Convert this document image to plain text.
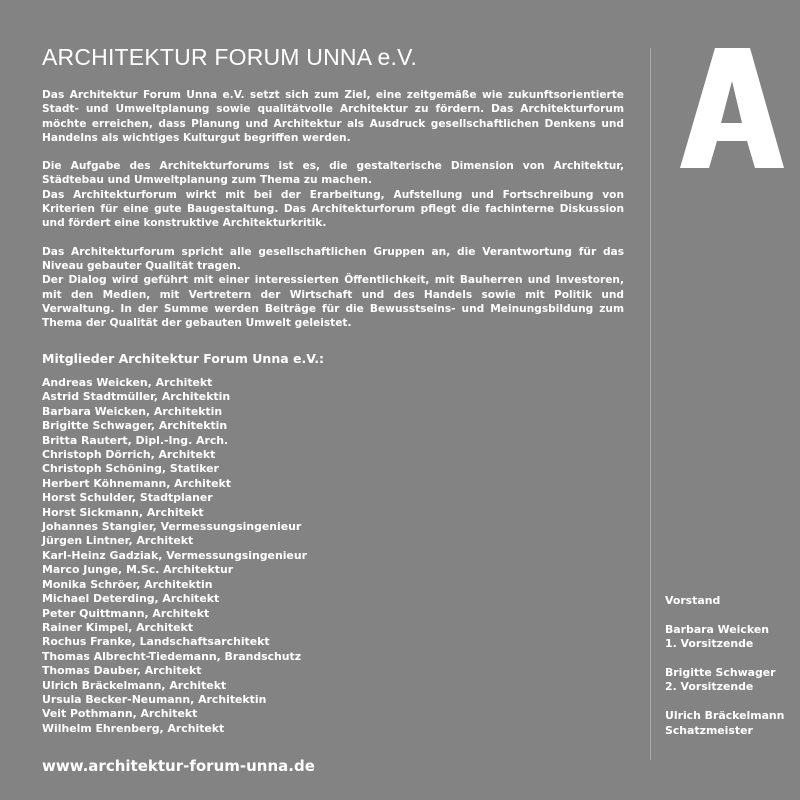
ARCHITEKTUR FORUM UNNA e.V.

Das Architektur Forum Unna e.V. setzt sich zum Ziel, eine zeitgemäße wie zukunftsorientierte Stadt- und Umweltplanung sowie qualitätvolle Architektur zu fördern. Das Architekturforum möchte erreichen, dass Planung und Architektur als Ausdruck gesellschaftlichen Denkens und Handelns als wichtiges Kulturgut begriffen werden.

Die Aufgabe des Architekturforums ist es, die gestalterische Dimension von Architektur, Städtebau und Umweltplanung zum Thema zu machen.

Das Architekturforum wirkt mit bei der Erarbeitung, Aufstellung und Fortschreibung von Kriterien für eine gute Baugestaltung. Das Architekturforum pflegt die fachinterne Diskussion und fördert eine konstruktive Architekturkritik.

Das Architekturforum spricht alle gesellschaftlichen Gruppen an, die Verantwortung für das Niveau gebauter Qualität tragen.

Der Dialog wird geführt mit einer interessierten Öffentlichkeit, mit Bauherren und Investoren, mit den Medien, mit Vertretern der Wirtschaft und des Handels sowie mit Politik und Verwaltung. In der Summe werden Beiträge für die Bewusstseins- und Meinungsbildung zum Thema der Qualität der gebauten Umwelt geleistet.

Mitglieder Architektur Forum Unna e.V.:
Andreas Weicken, Architekt
Astrid Stadtmüller, Architektin
Barbara Weicken, Architektin
Brigitte Schwager, Architektin
Britta Rautert, Dipl.-Ing. Arch.
Christoph Dörrich, Architekt
Christoph Schöning, Statiker
Herbert Köhnemann, Architekt
Horst Schulder, Stadtplaner
Horst Sickmann, Architekt
Johannes Stangier, Vermessungsingenieur
Jürgen Lintner, Architekt
Karl-Heinz Gadziak, Vermessungsingenieur
Marco Junge, M.Sc. Architektur
Monika Schröer, Architektin
Michael Deterding, Architekt
Peter Quittmann, Architekt
Rainer Kimpel, Architekt
Rochus Franke, Landschaftsarchitekt
Thomas Albrecht-Tiedemann, Brandschutz
Thomas Dauber, Architekt
Ulrich Bräckelmann, Architekt
Ursula Becker-Neumann, Architektin
Veit Pothmann, Architekt
Wilhelm Ehrenberg, Architekt
www.architektur-forum-unna.de
Vorstand
Barbara Weicken
1. Vorsitzende
Brigitte Schwager
2. Vorsitzende
Ulrich Bräckelmann
Schatzmeister
